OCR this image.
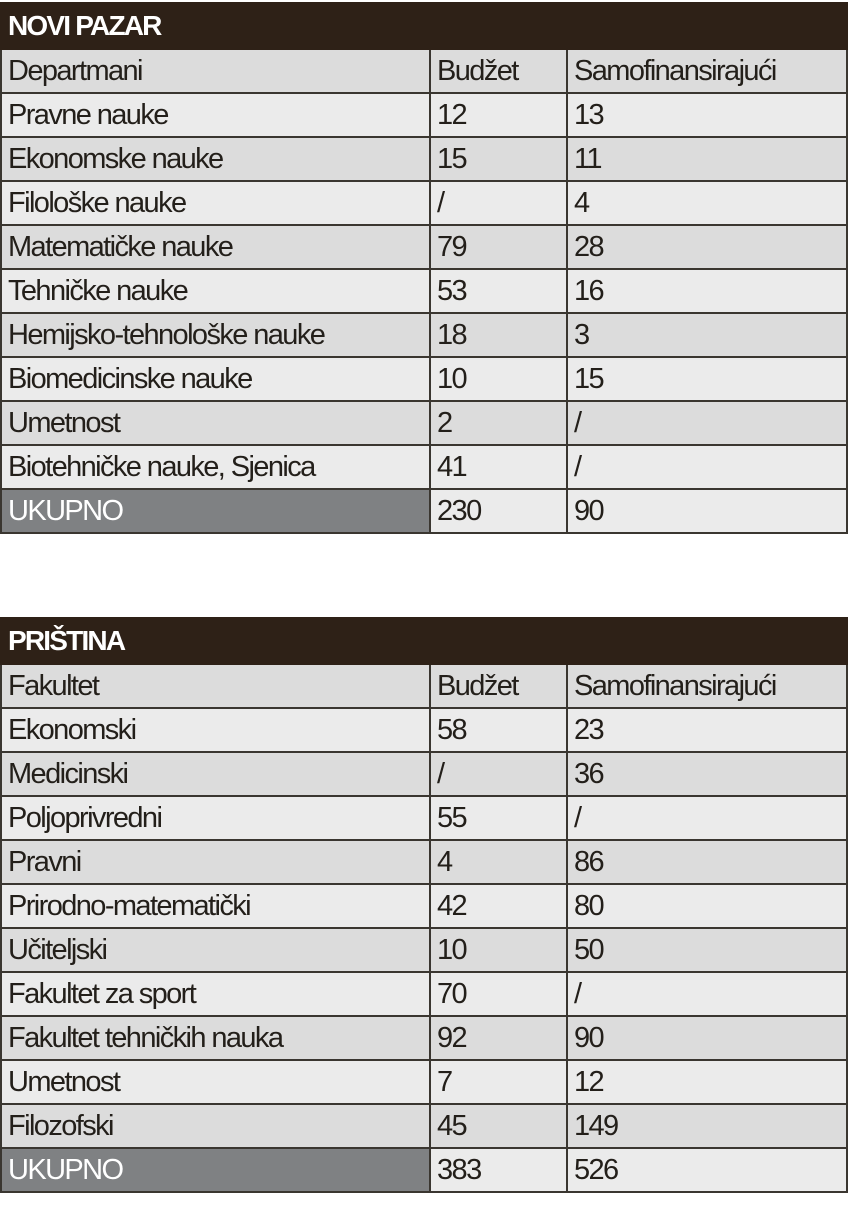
NOVI PAZAR		
Departmani	Budžet	Samofinansirajući
Pravne nauke	12	13
Ekonomske nauke	15	11
Filološke nauke	/	4
Matematičke nauke	79	28
Tehničke nauke	53	16
Hemijsko-tehnološke nauke	18	3
Biomedicinske nauke	10	15
Umetnost	2	/
Biotehničke nauke, Sjenica	41	/
UKUPNO	230	90
PRIŠTINA		
Fakultet	Budžet	Samofinansirajući
Ekonomski	58	23
Medicinski	/	36
Poljoprivredni	55	/
Pravni	4	86
Prirodno-matematički	42	80
Učiteljski	10	50
Fakultet za sport	70	/
Fakultet tehničkih nauka	92	90
Umetnost	7	12
Filozofski	45	149
UKUPNO	383	526
